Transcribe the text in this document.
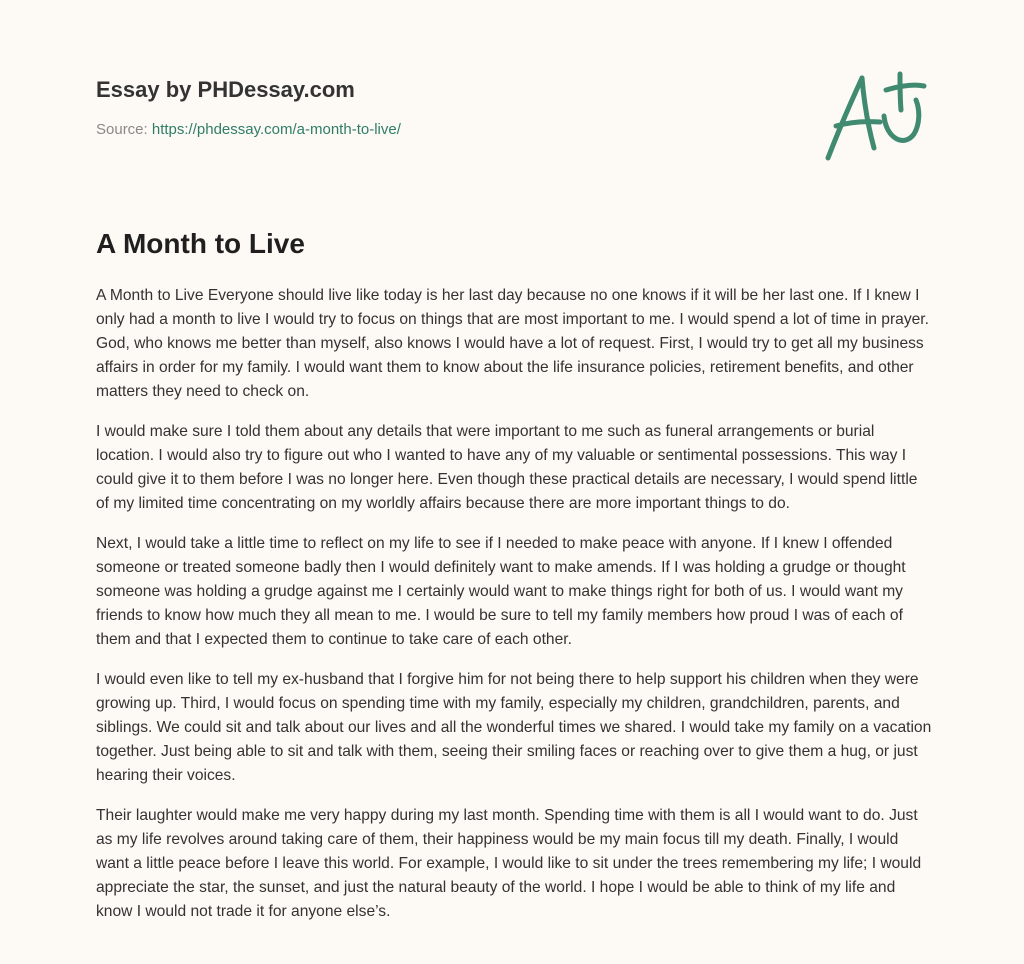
Essay by PHDessay.com
Source: https://phdessay.com/a-month-to-live/
A Month to Live

A Month to Live Everyone should live like today is her last day because no one knows if it will be her last one. If I knew I only had a month to live I would try to focus on things that are most important to me. I would spend a lot of time in prayer. God, who knows me better than myself, also knows I would have a lot of request. First, I would try to get all my business affairs in order for my family. I would want them to know about the life insurance policies, retirement benefits, and other matters they need to check on.

I would make sure I told them about any details that were important to me such as funeral arrangements or burial location. I would also try to figure out who I wanted to have any of my valuable or sentimental possessions. This way I could give it to them before I was no longer here. Even though these practical details are necessary, I would spend little of my limited time concentrating on my worldly affairs because there are more important things to do.

Next, I would take a little time to reflect on my life to see if I needed to make peace with anyone. If I knew I offended someone or treated someone badly then I would definitely want to make amends. If I was holding a grudge or thought someone was holding a grudge against me I certainly would want to make things right for both of us. I would want my friends to know how much they all mean to me. I would be sure to tell my family members how proud I was of each of them and that I expected them to continue to take care of each other.

I would even like to tell my ex-husband that I forgive him for not being there to help support his children when they were growing up. Third, I would focus on spending time with my family, especially my children, grandchildren, parents, and siblings. We could sit and talk about our lives and all the wonderful times we shared. I would take my family on a vacation together. Just being able to sit and talk with them, seeing their smiling faces or reaching over to give them a hug, or just hearing their voices.

Their laughter would make me very happy during my last month. Spending time with them is all I would want to do. Just as my life revolves around taking care of them, their happiness would be my main focus till my death. Finally, I would want a little peace before I leave this world. For example, I would like to sit under the trees remembering my life; I would appreciate the star, the sunset, and just the natural beauty of the world. I hope I would be able to think of my life and know I would not trade it for anyone else’s.
